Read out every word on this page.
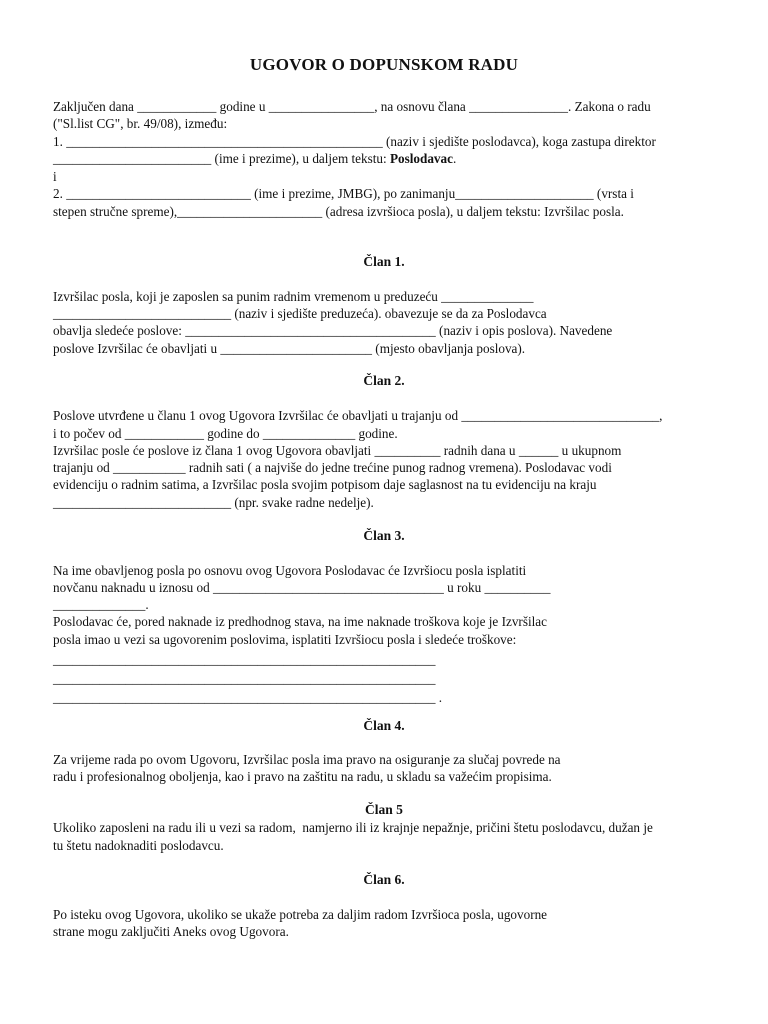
UGOVOR O DOPUNSKOM RADU
Zaključen dana ____________ godine u ________________, na osnovu člana _______________. Zakona o radu
("Sl.list CG", br. 49/08), između:
1. ________________________________________________ (naziv i sjedište poslodavca), koga zastupa direktor
________________________ (ime i prezime), u daljem tekstu: Poslodavac.
i
2. ____________________________ (ime i prezime, JMBG), po zanimanju_____________________ (vrsta i
stepen stručne spreme),______________________ (adresa izvršioca posla), u daljem tekstu: Izvršilac posla.
Član 1.
Izvršilac posla, koji je zaposlen sa punim radnim vremenom u preduzeću ______________
___________________________ (naziv i sjedište preduzeća). obavezuje se da za Poslodavca
obavlja sledeće poslove: ______________________________________ (naziv i opis poslova). Navedene
poslove Izvršilac će obavljati u _______________________ (mjesto obavljanja poslova).
Član 2.
Poslove utvrđene u članu 1 ovog Ugovora Izvršilac će obavljati u trajanju od ______________________________,
i to počev od ____________ godine do ______________ godine.
Izvršilac posle će poslove iz člana 1 ovog Ugovora obavljati __________ radnih dana u ______ u ukupnom
trajanju od ___________ radnih sati ( a najviše do jedne trećine punog radnog vremena). Poslodavac vodi
evidenciju o radnim satima, a Izvršilac posla svojim potpisom daje saglasnost na tu evidenciju na kraju
___________________________ (npr. svake radne nedelje).
Član 3.
Na ime obavljenog posla po osnovu ovog Ugovora Poslodavac će Izvršiocu posla isplatiti
novčanu naknadu u iznosu od ___________________________________ u roku __________
______________.
Poslodavac će, pored naknade iz predhodnog stava, na ime naknade troškova koje je Izvršilac
posla imao u vezi sa ugovorenim poslovima, isplatiti Izvršiocu posla i sledeće troškove:
__________________________________________________________
__________________________________________________________
__________________________________________________________ .
Član 4.
Za vrijeme rada po ovom Ugovoru, Izvršilac posla ima pravo na osiguranje za slučaj povrede na
radu i profesionalnog oboljenja, kao i pravo na zaštitu na radu, u skladu sa važećim propisima.
Član 5
Ukoliko zaposleni na radu ili u vezi sa radom,  namjerno ili iz krajnje nepažnje, pričini štetu poslodavcu, dužan je
tu štetu nadoknaditi poslodavcu.
Član 6.
Po isteku ovog Ugovora, ukoliko se ukaže potreba za daljim radom Izvršioca posla, ugovorne
strane mogu zaključiti Aneks ovog Ugovora.
